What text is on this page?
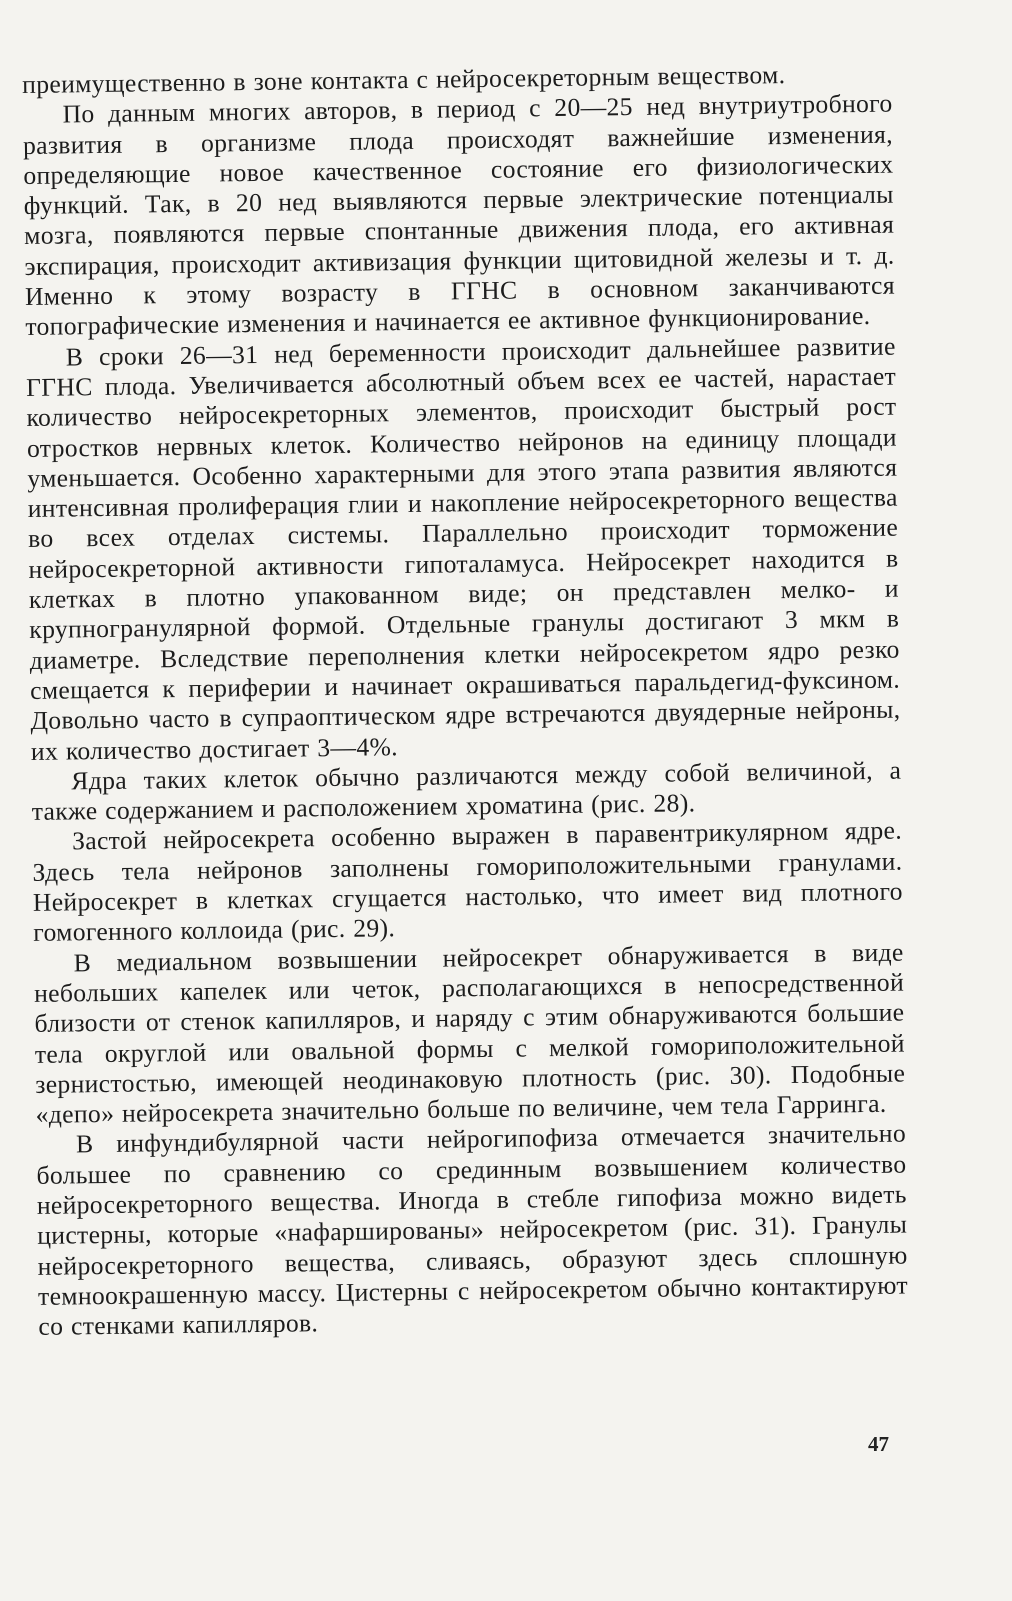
преимущественно в зоне контакта с нейросекреторным веществом.

По данным многих авторов, в период с 20—25 нед внутриутробного развития в организме плода происходят важнейшие изменения, определяющие новое качественное состояние его физиологических функций. Так, в 20 нед выявляются первые электрические потенциалы мозга, появляются первые спонтанные движения плода, его активная экспирация, происходит активизация функции щитовидной железы и т. д. Именно к этому возрасту в ГГНС в основном заканчиваются топографические изменения и начинается ее активное функционирование.

В сроки 26—31 нед беременности происходит дальнейшее развитие ГГНС плода. Увеличивается абсолютный объем всех ее частей, нарастает количество нейросекреторных элементов, происходит быстрый рост отростков нервных клеток. Количество нейронов на единицу площади уменьшается. Особенно характерными для этого этапа развития являются интенсивная пролиферация глии и накопление нейросекреторного вещества во всех отделах системы. Параллельно происходит торможение нейросекреторной активности гипоталамуса. Нейросекрет находится в клетках в плотно упакованном виде; он представлен мелко- и крупногранулярной формой. Отдельные гранулы достигают 3 мкм в диаметре. Вследствие переполнения клетки нейросекретом ядро резко смещается к периферии и начинает окрашиваться паральдегид-фуксином. Довольно часто в супраоптическом ядре встречаются двуядерные нейроны, их количество достигает 3—4%.

Ядра таких клеток обычно различаются между собой величиной, а также содержанием и расположением хроматина (рис. 28).

Застой нейросекрета особенно выражен в паравентрикулярном ядре. Здесь тела нейронов заполнены гомориположительными гранулами. Нейросекрет в клетках сгущается настолько, что имеет вид плотного гомогенного коллоида (рис. 29).

В медиальном возвышении нейросекрет обнаруживается в виде небольших капелек или четок, располагающихся в непосредственной близости от стенок капилляров, и наряду с этим обнаруживаются большие тела округлой или овальной формы с мелкой гомориположительной зернистостью, имеющей неодинаковую плотность (рис. 30). Подобные «депо» нейросекрета значительно больше по величине, чем тела Гарринга.

В инфундибулярной части нейрогипофиза отмечается значительно большее по сравнению со срединным возвышением количество нейросекреторного вещества. Иногда в стебле гипофиза можно видеть цистерны, которые «нафаршированы» нейросекретом (рис. 31). Гранулы нейросекреторного вещества, сливаясь, образуют здесь сплошную темноокрашенную массу. Цистерны с нейросекретом обычно контактируют со стенками капилляров.

47
